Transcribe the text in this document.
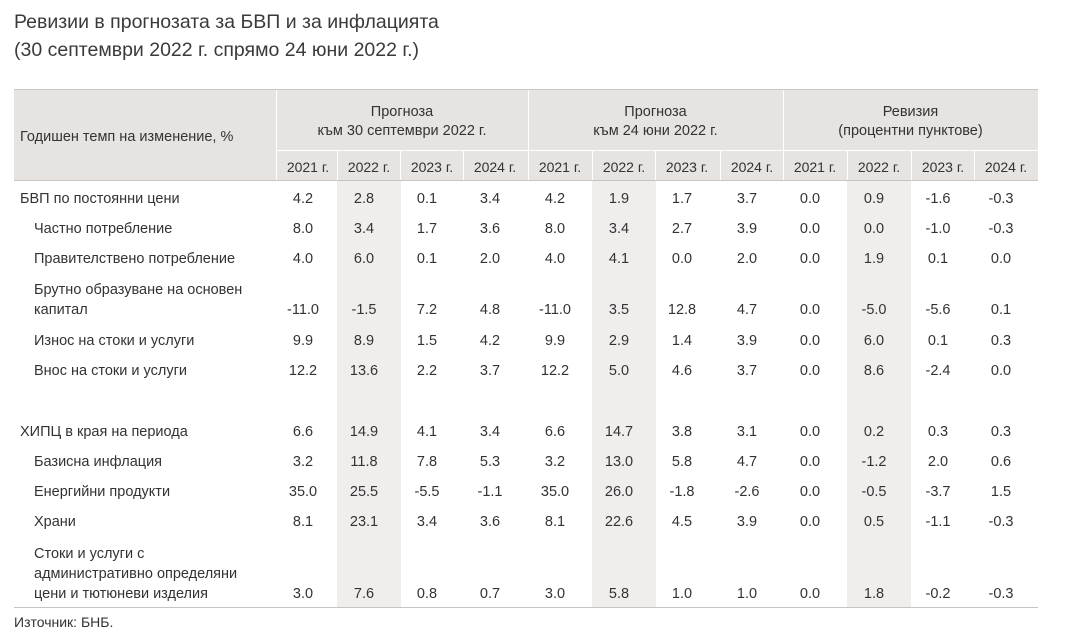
Ревизии в прогнозата за БВП и за инфлацията
(30 септември 2022 г. спрямо 24 юни 2022 г.)
Годишен темп на изменение, %
Прогноза
към 30 септември 2022 г.
Прогноза
към 24 юни 2022 г.
Ревизия
(процентни пунктове)
2021 г.	2022 г.	2023 г.	2024 г.	2021 г.	2022 г.	2023 г.	2024 г.	2021 г.	2022 г.	2023 г.	2024 г.
БВП по постоянни цени	4.2	2.8	0.1	3.4	4.2	1.9	1.7	3.7	0.0	0.9	-1.6	-0.3
Частно потребление	8.0	3.4	1.7	3.6	8.0	3.4	2.7	3.9	0.0	0.0	-1.0	-0.3
Правителствено потребление	4.0	6.0	0.1	2.0	4.0	4.1	0.0	2.0	0.0	1.9	0.1	0.0
Брутно образуване на основен
капитал	-11.0	-1.5	7.2	4.8	-11.0	3.5	12.8	4.7	0.0	-5.0	-5.6	0.1
Износ на стоки и услуги	9.9	8.9	1.5	4.2	9.9	2.9	1.4	3.9	0.0	6.0	0.1	0.3
Внос на стоки и услуги	12.2	13.6	2.2	3.7	12.2	5.0	4.6	3.7	0.0	8.6	-2.4	0.0
ХИПЦ в края на периода	6.6	14.9	4.1	3.4	6.6	14.7	3.8	3.1	0.0	0.2	0.3	0.3
Базисна инфлация	3.2	11.8	7.8	5.3	3.2	13.0	5.8	4.7	0.0	-1.2	2.0	0.6
Енергийни продукти	35.0	25.5	-5.5	-1.1	35.0	26.0	-1.8	-2.6	0.0	-0.5	-3.7	1.5
Храни	8.1	23.1	3.4	3.6	8.1	22.6	4.5	3.9	0.0	0.5	-1.1	-0.3
Стоки и услуги с
административно определяни
цени и тютюневи изделия	3.0	7.6	0.8	0.7	3.0	5.8	1.0	1.0	0.0	1.8	-0.2	-0.3
Източник: БНБ.
